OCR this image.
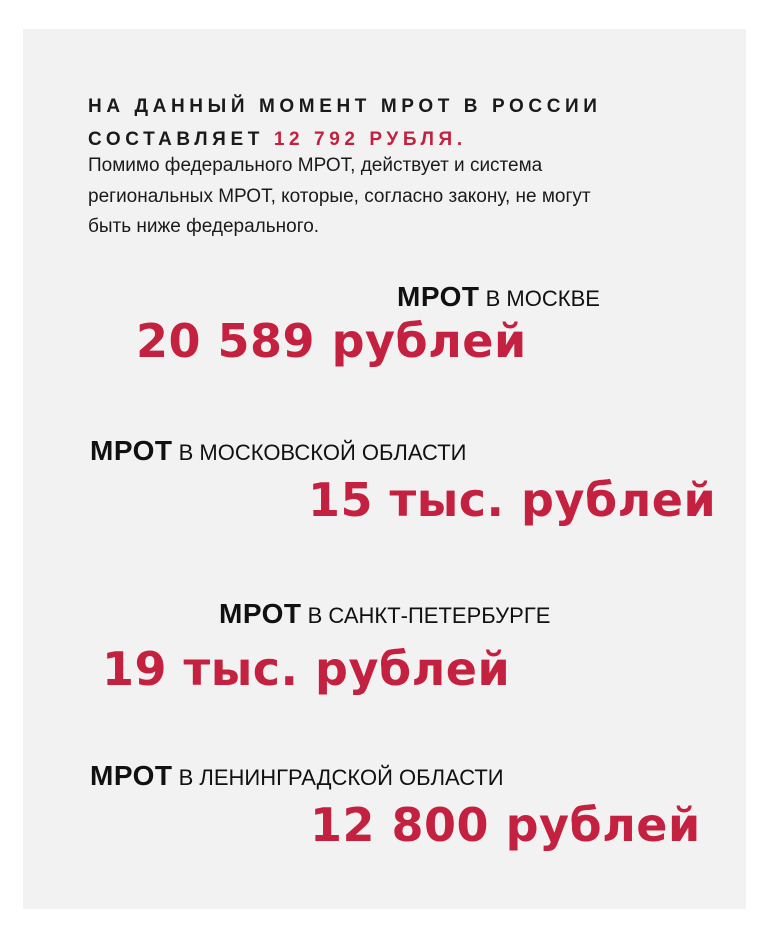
НА ДАННЫЙ МОМЕНТ МРОТ В РОССИИ
СОСТАВЛЯЕТ 12 792 РУБЛЯ.
Помимо федерального МРОТ, действует и система
региональных МРОТ, которые, согласно закону, не могут
быть ниже федерального.
МРОТ В МОСКВЕ
20 589 рублей
МРОТ В МОСКОВСКОЙ ОБЛАСТИ
15 тыс. рублей
МРОТ В САНКТ-ПЕТЕРБУРГЕ
19 тыс. рублей
МРОТ В ЛЕНИНГРАДСКОЙ ОБЛАСТИ
12 800 рублей
